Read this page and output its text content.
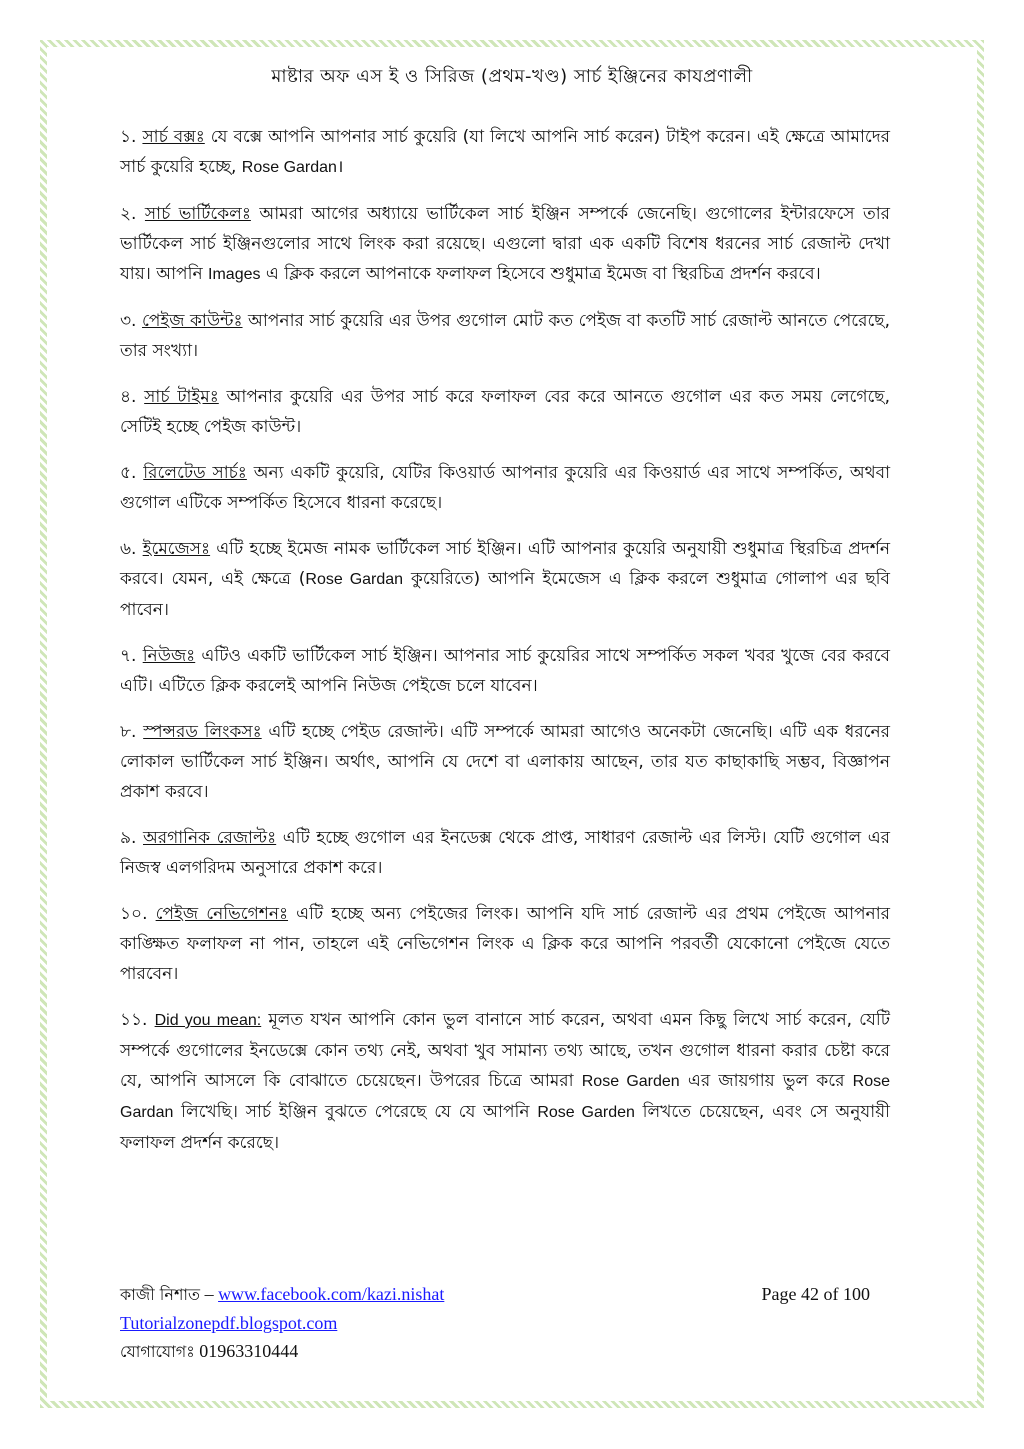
মাষ্টার অফ এস ই ও সিরিজ (প্রথম-খণ্ড) সার্চ ইঞ্জিনের কাযপ্রণালী

১. সার্চ বক্স যে বক্সে আপনি আপনার সার্চ কুয়েরি (যা লিখে আপনি সার্চ করেন) টাইপ করেন। এই ক্ষেত্রে আমাদের সার্চ কুয়েরি হচ্ছে, Rose Gardan।

২. সার্চ ভার্টিকেল আমরা আগের অধ্যায়ে ভার্টিকেল সার্চ ইঞ্জিন সম্পর্কে জেনেছি। গুগোলের ইন্টারফেসে তার ভার্টিকেল সার্চ ইঞ্জিনগুলোর সাথে লিংক করা রয়েছে। এগুলো দ্বারা এক একটি বিশেষ ধরনের সার্চ রেজাল্ট দেখা যায়। আপনি Images এ ক্লিক করলে আপনাকে ফলাফল হিসেবে শুধুমাত্র ইমেজ বা স্থিরচিত্র প্রদর্শন করবে।

৩. পেইজ কাউন্ট আপনার সার্চ কুয়েরি এর উপর গুগোল মোট কত পেইজ বা কতটি সার্চ রেজাল্ট আনতে পেরেছে, তার সংখ্যা।

৪. সার্চ টাইম আপনার কুয়েরি এর উপর সার্চ করে ফলাফল বের করে আনতে গুগোল এর কত সময় লেগেছে, সেটিই হচ্ছে পেইজ কাউন্ট।

৫. রিলেটেড সার্চ অন্য একটি কুয়েরি, যেটির কিওয়ার্ড আপনার কুয়েরি এর কিওয়ার্ড এর সাথে সম্পর্কিত, অথবা গুগোল এটিকে সম্পর্কিত হিসেবে ধারনা করেছে।

৬. ইমেজেস এটি হচ্ছে ইমেজ নামক ভার্টিকেল সার্চ ইঞ্জিন। এটি আপনার কুয়েরি অনুযায়ী শুধুমাত্র স্থিরচিত্র প্রদর্শন করবে। যেমন, এই ক্ষেত্রে (Rose Gardan কুয়েরিতে) আপনি ইমেজেস এ ক্লিক করলে শুধুমাত্র গোলাপ এর ছবি পাবেন।

৭. নিউজ এটিও একটি ভার্টিকেল সার্চ ইঞ্জিন। আপনার সার্চ কুয়েরির সাথে সম্পর্কিত সকল খবর খুজে বের করবে এটি। এটিতে ক্লিক করলেই আপনি নিউজ পেইজে চলে যাবেন।

৮. স্পন্সরড লিংকস এটি হচ্ছে পেইড রেজাল্ট। এটি সম্পর্কে আমরা আগেও অনেকটা জেনেছি। এটি এক ধরনের লোকাল ভার্টিকেল সার্চ ইঞ্জিন। অর্থাৎ, আপনি যে দেশে বা এলাকায় আছেন, তার যত কাছাকাছি সম্ভব, বিজ্ঞাপন প্রকাশ করবে।

৯. অরগানিক রেজাল্ট এটি হচ্ছে গুগোল এর ইনডেক্স থেকে প্রাপ্ত, সাধারণ রেজাল্ট এর লিস্ট। যেটি গুগোল এর নিজস্ব এলগরিদম অনুসারে প্রকাশ করে।

১০. পেইজ নেভিগেশন এটি হচ্ছে অন্য পেইজের লিংক। আপনি যদি সার্চ রেজাল্ট এর প্রথম পেইজে আপনার কাঙ্ক্ষিত ফলাফল না পান, তাহলে এই নেভিগেশন লিংক এ ক্লিক করে আপনি পরবর্তী যেকোনো পেইজে যেতে পারবেন।

১১. Did you mean: মূলত যখন আপনি কোন ভুল বানানে সার্চ করেন, অথবা এমন কিছু লিখে সার্চ করেন, যেটি সম্পর্কে গুগোলের ইনডেক্সে কোন তথ্য নেই, অথবা খুব সামান্য তথ্য আছে, তখন গুগোল ধারনা করার চেষ্টা করে যে, আপনি আসলে কি বোঝাতে চেয়েছেন। উপরের চিত্রে আমরা Rose Garden এর জায়গায় ভুল করে Rose Gardan লিখেছি। সার্চ ইঞ্জিন বুঝতে পেরেছে যে যে আপনি Rose Garden লিখতে চেয়েছেন, এবং সে অনুযায়ী ফলাফল প্রদর্শন করেছে।

কাজী নিশাত – www.facebook.com/kazi.nishat	Page 42 of 100
Tutorialzonepdf.blogspot.com
যোগাযোগঃ 01963310444
